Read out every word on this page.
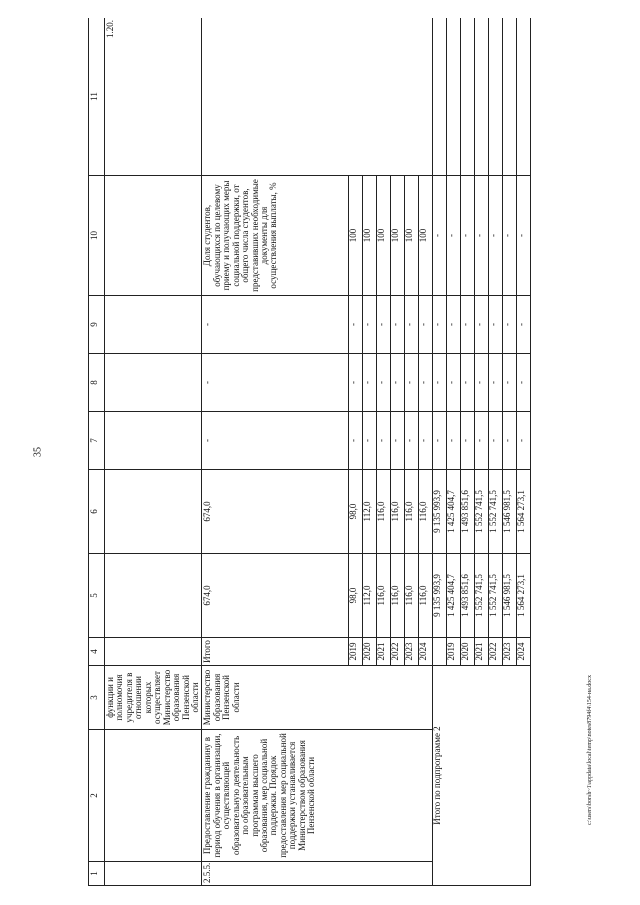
35
c:\users\borsh~1\appdata\local\temp\notes8794f4\154-на.docx
1	2	3	4	5	6	7	8	9	10	11
		функции и полномочия учредителя в отношении которых осуществляет Министерство образования Пензенской области								1.20.
2.5.5.	Предоставление гражданину в период обучения в организации, осуществляющей образовательную деятельность по образовательным программам высшего образования, мер социальной поддержки. Порядок предоставления мер социальной поддержки устанавливается Министерством образования Пензенской области	Министерство образования Пензенской области	Итого	674,0	674,0	-	-	-	Доля студентов, обучающихся по целевому приему и получающих меры социальной поддержки, от общего числа студентов, представивших необходимые документы для осуществления выплаты, %	
			2019	98,0	98,0	-	-	-	100	
			2020	112,0	112,0	-	-	-	100	
			2021	116,0	116,0	-	-	-	100	
			2022	116,0	116,0	-	-	-	100	
			2023	116,0	116,0	-	-	-	100	
			2024	116,0	116,0	-	-	-	100	
Итого по подпрограмме 2				9 135 993,9	9 135 993,9	-	-	-	-	
			2019	1 425 404,7	1 425 404,7	-	-	-	-	
			2020	1 493 851,6	1 493 851,6	-	-	-	-	
			2021	1 552 741,5	1 552 741,5	-	-	-	-	
			2022	1 552 741,5	1 552 741,5	-	-	-	-	
			2023	1 546 981,5	1 546 981,5	-	-	-	-	
			2024	1 564 273,1	1 564 273,1	-	-	-	-	
